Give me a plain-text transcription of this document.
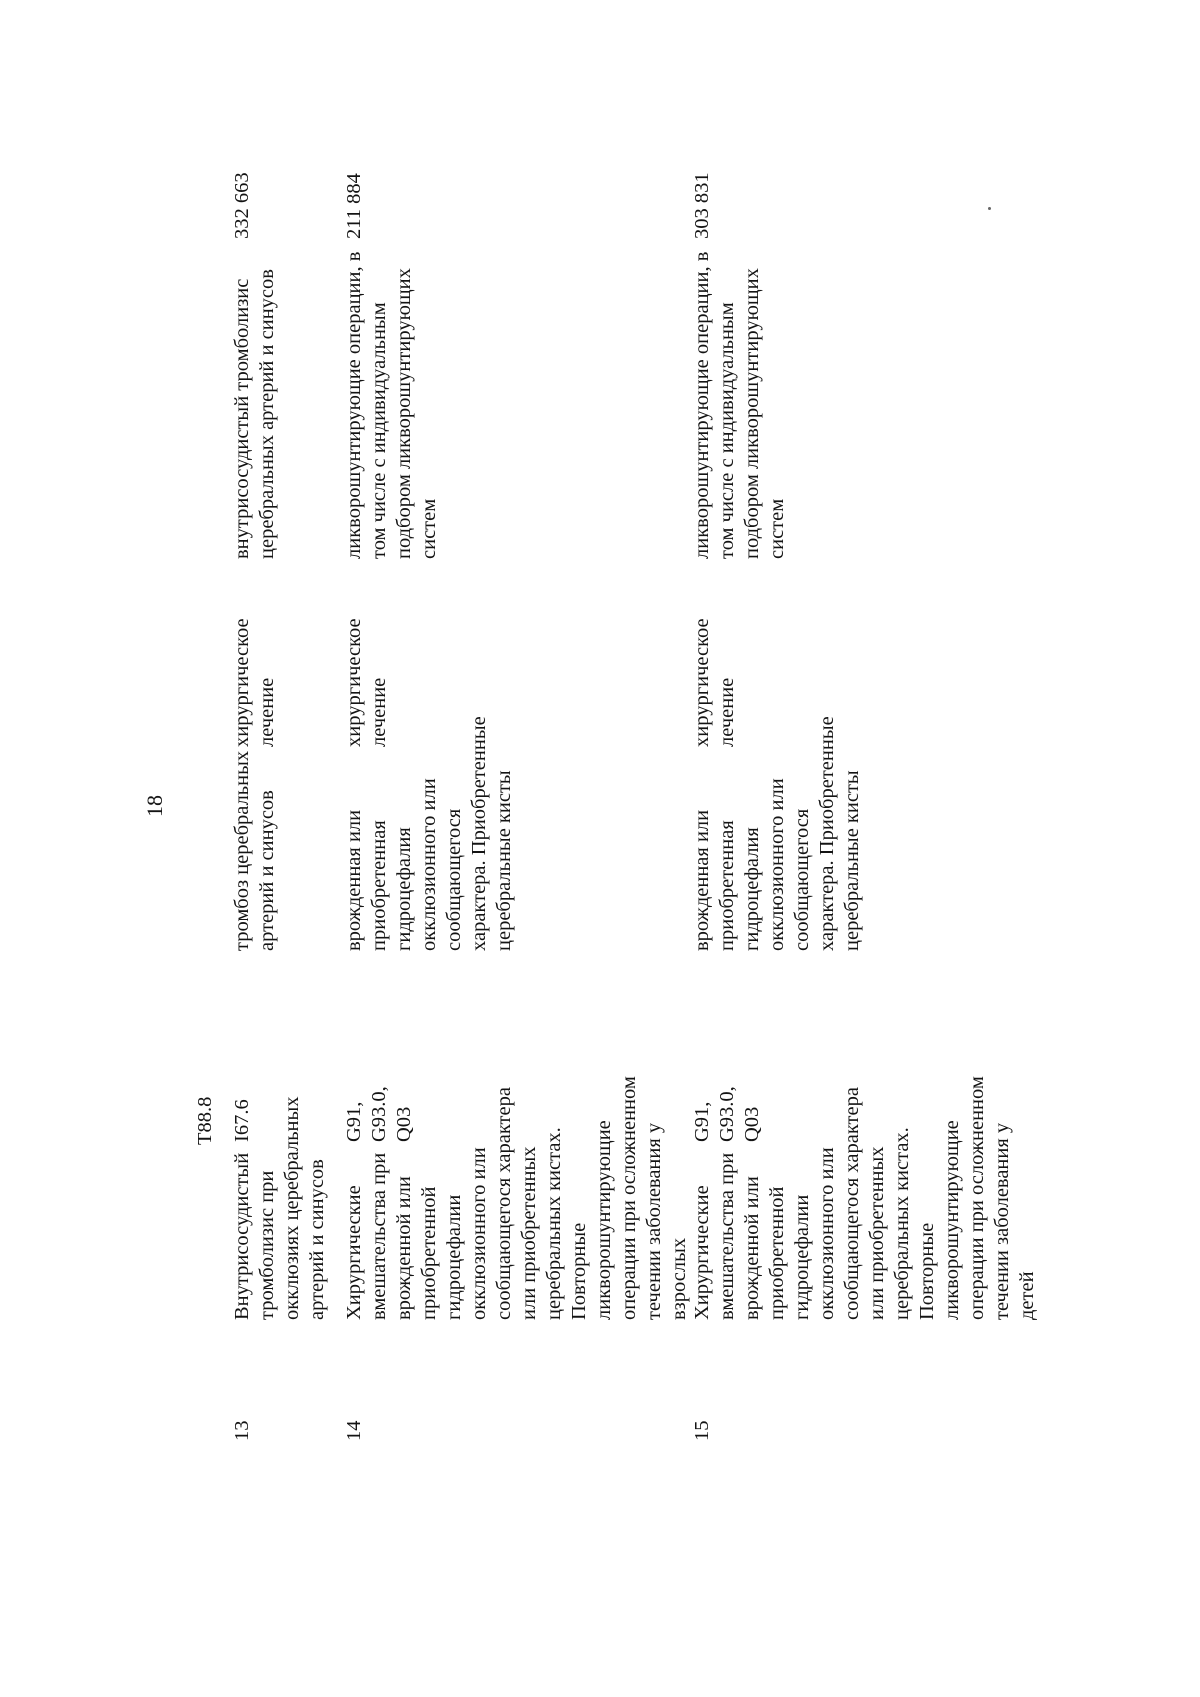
18
T88.8
13
Внутрисосудистый тромболизис при окклюзиях церебральных артерий и синусов
I67.6
тромбоз церебральных артерий и синусов
хирургическое лечение
внутрисосудистый тромболизис церебральных артерий и синусов
332 663
14
Хирургические вмешательства при врожденной или приобретенной гидроцефалии окклюзионного или сообщающегося характера или приобретенных церебральных кистах. Повторные ликворошунтирующие операции при осложненном течении заболевания у взрослых
G91, G93.0, Q03
врожденная или приобретенная гидроцефалия окклюзионного или сообщающегося характера. Приобретенные церебральные кисты
хирургическое лечение
ликворошунтирующие операции, в том числе с индивидуальным подбором ликворошунтирующих систем
211 884
15
Хирургические вмешательства при врожденной или приобретенной гидроцефалии окклюзионного или сообщающегося характера или приобретенных церебральных кистах. Повторные ликворошунтирующие операции при осложненном течении заболевания у детей
G91, G93.0, Q03
врожденная или приобретенная гидроцефалия окклюзионного или сообщающегося характера. Приобретенные церебральные кисты
хирургическое лечение
ликворошунтирующие операции, в том числе с индивидуальным подбором ликворошунтирующих систем
303 831
